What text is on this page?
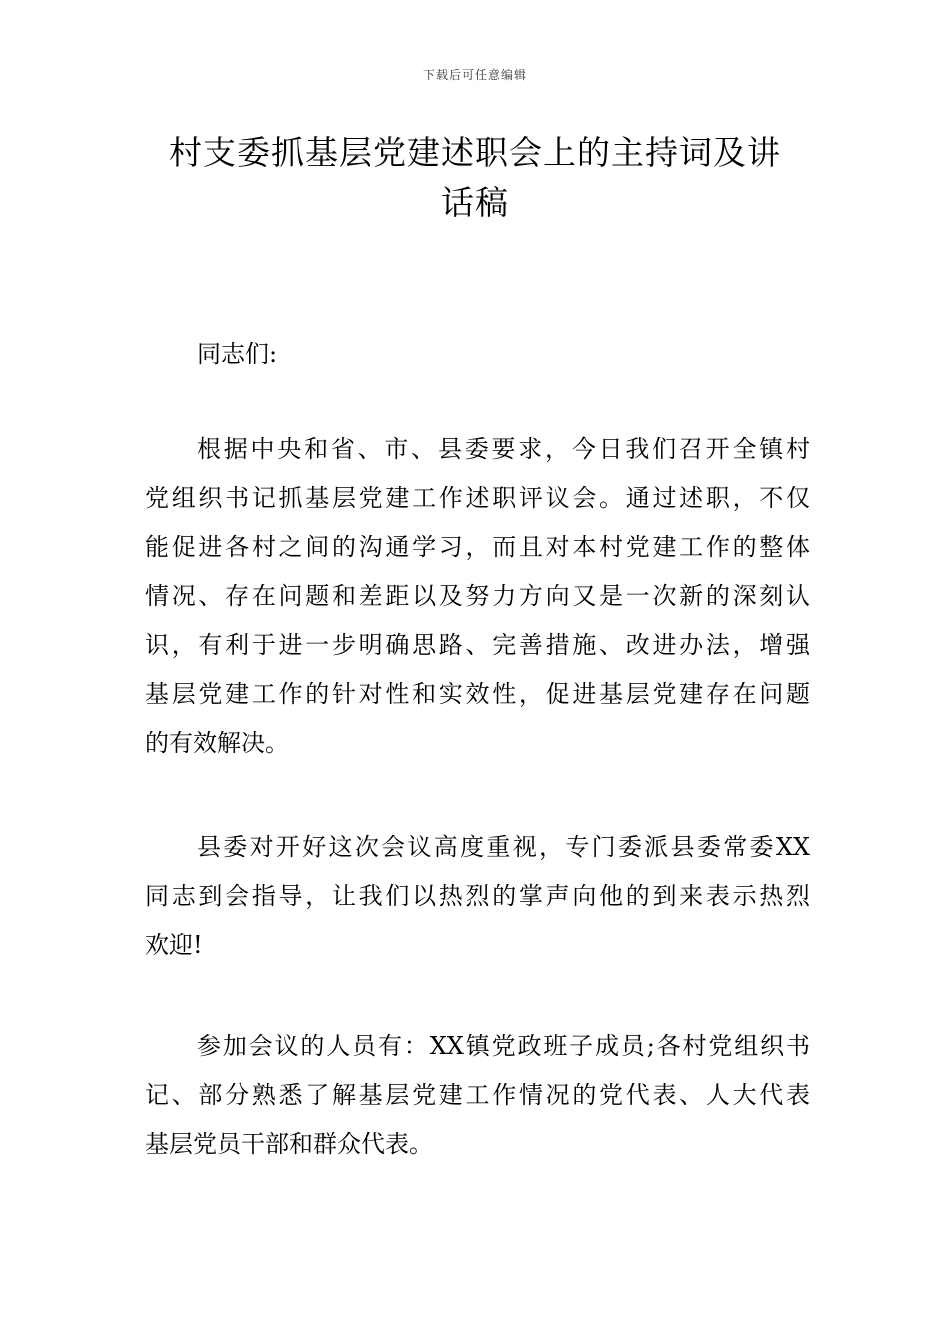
下载后可任意编辑
村支委抓基层党建述职会上的主持词及讲
话稿
同志们:
根据中央和省、市、县委要求，今日我们召开全镇村
党组织书记抓基层党建工作述职评议会。通过述职，不仅
能促进各村之间的沟通学习，而且对本村党建工作的整体
情况、存在问题和差距以及努力方向又是一次新的深刻认
识，有利于进一步明确思路、完善措施、改进办法，增强
基层党建工作的针对性和实效性，促进基层党建存在问题
的有效解决。
县委对开好这次会议高度重视，专门委派县委常委XX
同志到会指导，让我们以热烈的掌声向他的到来表示热烈
欢迎!
参加会议的人员有：XX镇党政班子成员;各村党组织书
记、部分熟悉了解基层党建工作情况的党代表、人大代表
基层党员干部和群众代表。
